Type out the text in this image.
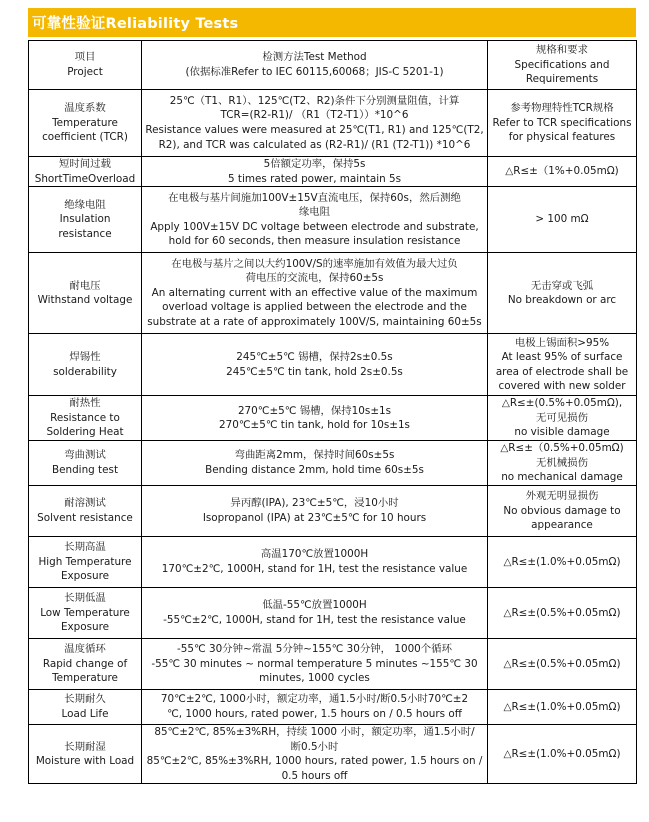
可靠性验证Reliability Tests
项目
Project	检测方法Test Method
(依据标准Refer to IEC 60115,60068；JIS-C 5201-1)	规格和要求
Specifications and
Requirements

温度系数
Temperature
coefficient (TCR)	25℃（T1、R1）、125℃(T2、R2)条件下分别测量阻值，计算
TCR=(R2-R1)/ （R1（T2-T1））*10^6
Resistance values were measured at 25℃(T1, R1) and 125℃(T2,
R2), and TCR was calculated as (R2-R1)/ (R1 (T2-T1)) *10^6	参考物理特性TCR规格
Refer to TCR specifications
for physical features

短时间过载
ShortTimeOverload	5倍额定功率，保持5s
5 times rated power, maintain 5s	△R≤±（1%+0.05mΩ)

绝缘电阻
Insulation
resistance	在电极与基片间施加100V±15V直流电压，保持60s，然后测绝
缘电阻
Apply 100V±15V DC voltage between electrode and substrate,
hold for 60 seconds, then measure insulation resistance	> 100 mΩ

耐电压
Withstand voltage	在电极与基片之间以大约100V/S的速率施加有效值为最大过负
荷电压的交流电，保持60±5s
An alternating current with an effective value of the maximum
overload voltage is applied between the electrode and the
substrate at a rate of approximately 100V/S, maintaining 60±5s	无击穿或飞弧
No breakdown or arc

焊锡性
solderability	245℃±5℃ 锡槽，保持2s±0.5s
245℃±5℃ tin tank, hold 2s±0.5s	电极上锡面积>95%
At least 95% of surface
area of electrode shall be
covered with new solder

耐热性
Resistance to
Soldering Heat	270℃±5℃ 锡槽，保持10s±1s
270℃±5℃ tin tank, hold for 10s±1s	△R≤±(0.5%+0.05mΩ),
无可见损伤
no visible damage

弯曲测试
Bending test	弯曲距离2mm，保持时间60s±5s
Bending distance 2mm, hold time 60s±5s	△R≤±（0.5%+0.05mΩ)
无机械损伤
no mechanical damage

耐溶测试
Solvent resistance	异丙醇(IPA), 23℃±5℃，浸10小时
Isopropanol (IPA) at 23℃±5℃ for 10 hours	外观无明显损伤
No obvious damage to
appearance

长期高温
High Temperature
Exposure	高温170℃放置1000H
170℃±2℃, 1000H, stand for 1H, test the resistance value	△R≤±(1.0%+0.05mΩ)

长期低温
Low Temperature
Exposure	低温-55℃放置1000H
-55℃±2℃, 1000H, stand for 1H, test the resistance value	△R≤±(0.5%+0.05mΩ)

温度循环
Rapid change of
Temperature	-55℃ 30分钟~常温 5分钟~155℃ 30分钟， 1000个循环
-55℃ 30 minutes ~ normal temperature 5 minutes ~155℃ 30
minutes, 1000 cycles	△R≤±(0.5%+0.05mΩ)

长期耐久
Load Life	70℃±2℃, 1000小时，额定功率，通1.5小时/断0.5小时70℃±2
℃, 1000 hours, rated power, 1.5 hours on / 0.5 hours off	△R≤±(1.0%+0.05mΩ)

长期耐湿
Moisture with Load	85℃±2℃, 85%±3%RH，持续 1000 小时，额定功率，通1.5小时/
断0.5小时
85℃±2℃, 85%±3%RH, 1000 hours, rated power, 1.5 hours on /
0.5 hours off	△R≤±(1.0%+0.05mΩ)
